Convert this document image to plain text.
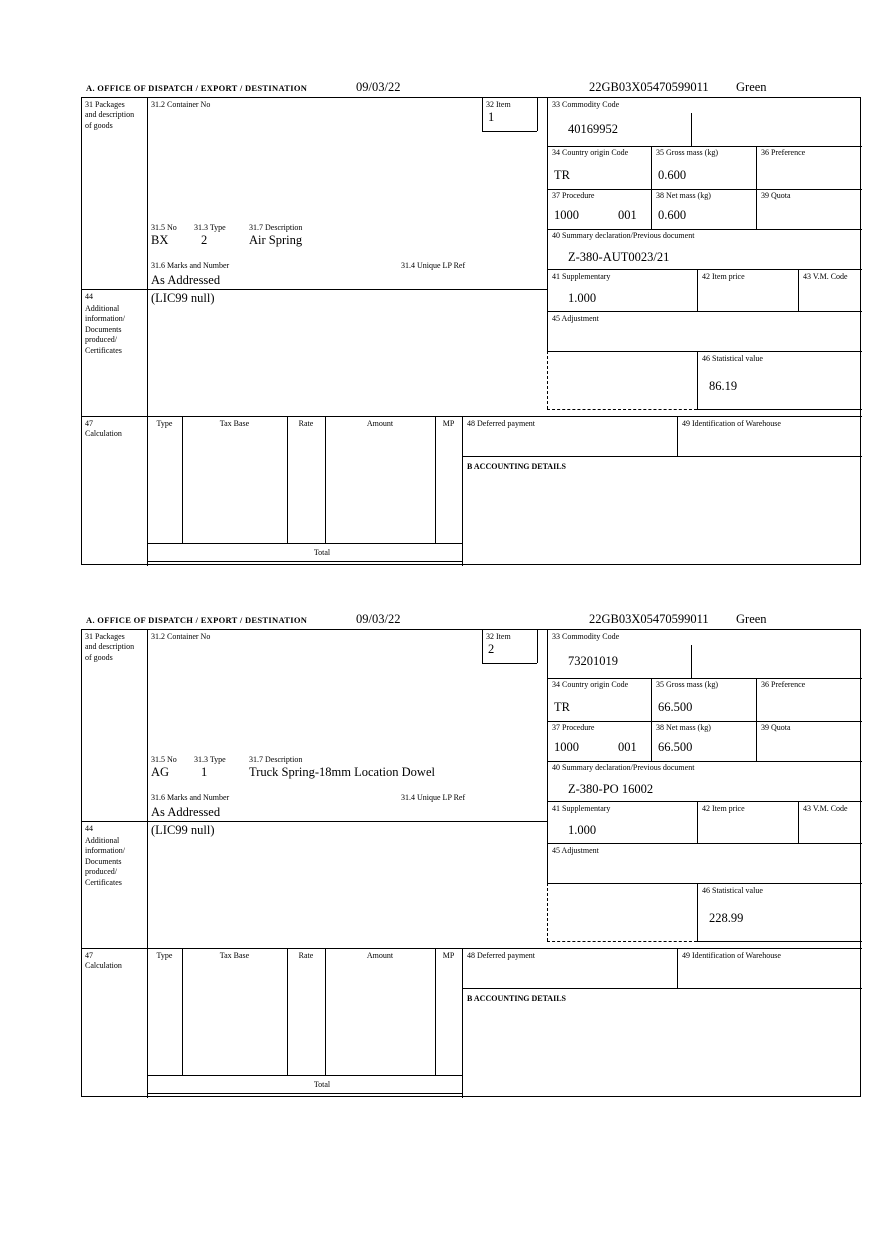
A. OFFICE OF DISPATCH / EXPORT / DESTINATION	09/03/22	22GB03X05470599011 Green
31 Packages and description of goods
44
Additional information/ Documents produced/ Certificates
47 Calculation
31.2 Container No	32 Item
1
31.5 No 31.3 Type	31.7 Description
BX	2	Air Spring
31.6 Marks and Number	31.4 Unique LP Ref
As Addressed
(LIC99 null)
33 Commodity Code
40169952
34 Country origin Code	35 Gross mass (kg)	36 Preference
TR	0.600
37 Procedure	38 Net mass (kg)	39 Quota
1000	001 0.600
40 Summary declaration/Previous document
Z-380-AUT0023/21
41 Supplementary	42 Item price	43 V.M. Code
1.000
45 Adjustment
46 Statistical value
86.19
Type	Tax Base	Rate	Amount	MP
Total
48 Deferred payment	49 Identification of Warehouse
B ACCOUNTING DETAILS
A. OFFICE OF DISPATCH / EXPORT / DESTINATION	09/03/22	22GB03X05470599011 Green
31 Packages and description of goods
44
Additional information/ Documents produced/ Certificates
47 Calculation
31.2 Container No	32 Item
2
31.5 No 31.3 Type	31.7 Description
AG	1	Truck Spring-18mm Location Dowel
31.6 Marks and Number	31.4 Unique LP Ref
As Addressed
(LIC99 null)
33 Commodity Code
73201019
34 Country origin Code	35 Gross mass (kg)	36 Preference
TR	66.500
37 Procedure	38 Net mass (kg)	39 Quota
1000	001 66.500
40 Summary declaration/Previous document
Z-380-PO 16002
41 Supplementary	42 Item price	43 V.M. Code
1.000
45 Adjustment
46 Statistical value
228.99
Type	Tax Base	Rate	Amount	MP
Total
48 Deferred payment	49 Identification of Warehouse
B ACCOUNTING DETAILS
